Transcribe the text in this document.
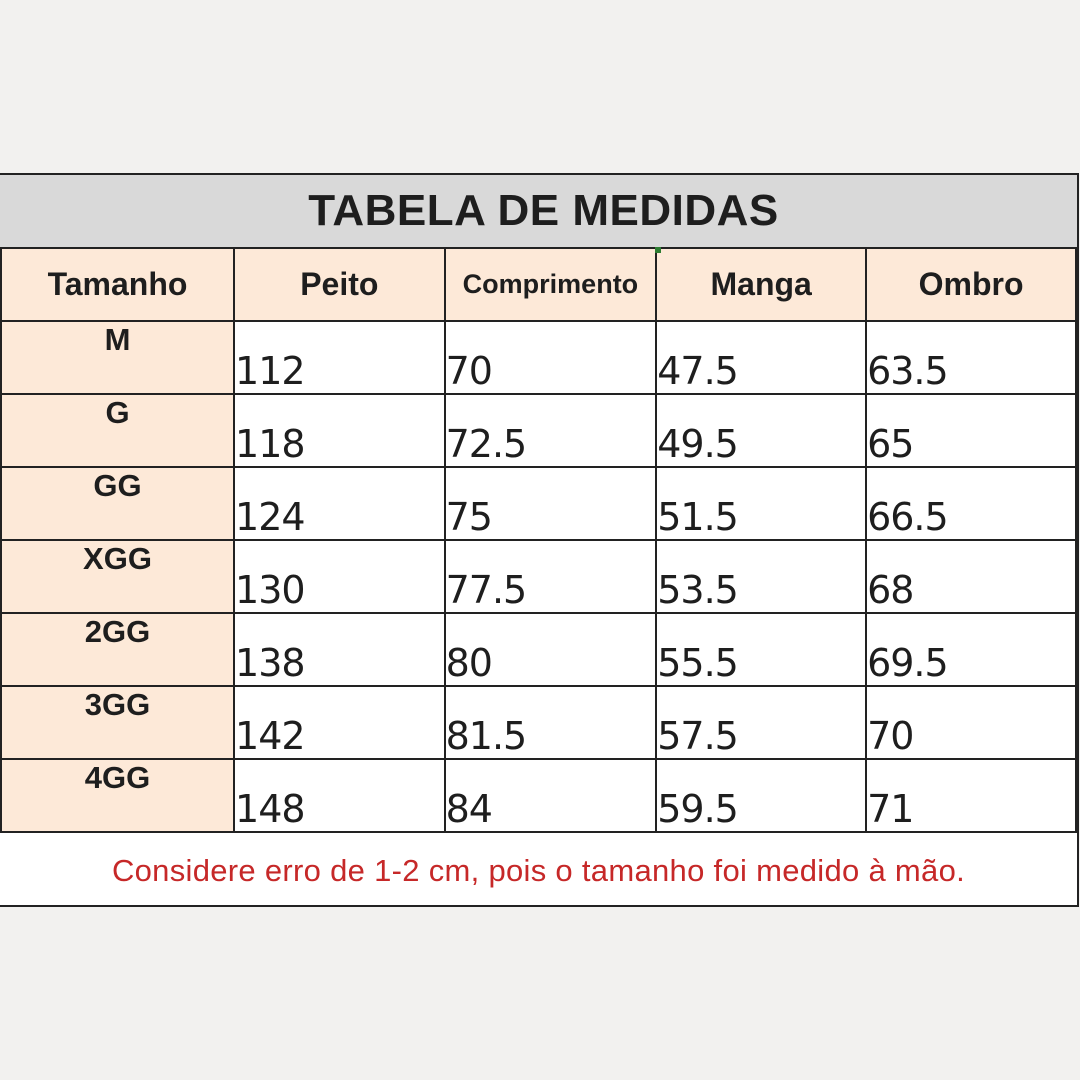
TABELA DE MEDIDAS
Tamanho	Peito	Comprimento	Manga	Ombro
M	112	70	47.5	63.5
G	118	72.5	49.5	65
GG	124	75	51.5	66.5
XGG	130	77.5	53.5	68
2GG	138	80	55.5	69.5
3GG	142	81.5	57.5	70
4GG	148	84	59.5	71
Considere erro de 1-2 cm, pois o tamanho foi medido à mão.
